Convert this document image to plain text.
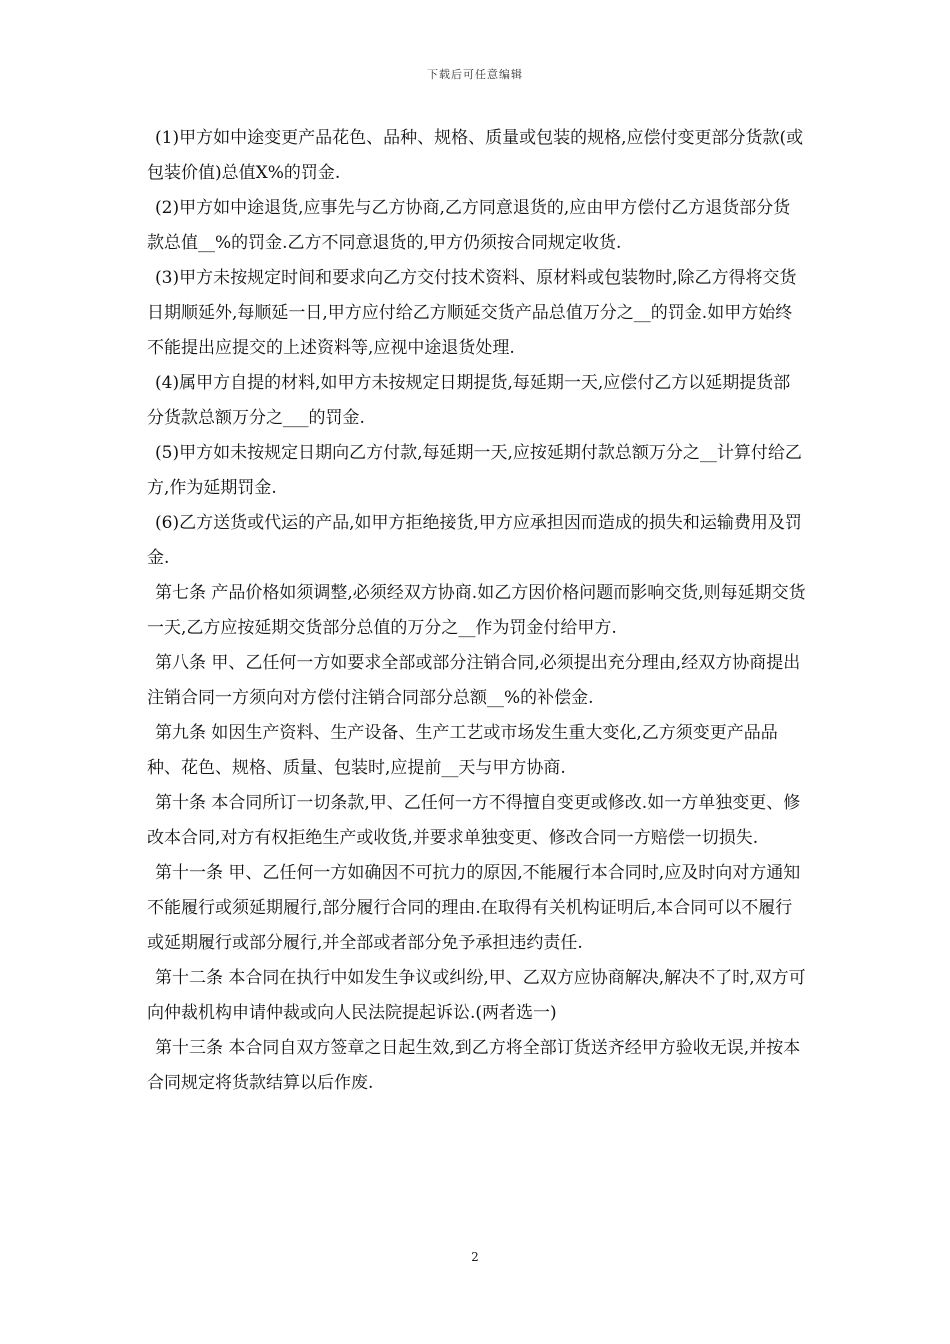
下载后可任意编辑

(1)甲方如中途变更产品花色、品种、规格、质量或包装的规格,应偿付变更部分货款(或包装价值)总值X%的罚金.

(2)甲方如中途退货,应事先与乙方协商,乙方同意退货的,应由甲方偿付乙方退货部分货款总值__%的罚金.乙方不同意退货的,甲方仍须按合同规定收货.

(3)甲方未按规定时间和要求向乙方交付技术资料、原材料或包装物时,除乙方得将交货日期顺延外,每顺延一日,甲方应付给乙方顺延交货产品总值万分之__的罚金.如甲方始终不能提出应提交的上述资料等,应视中途退货处理.

(4)属甲方自提的材料,如甲方未按规定日期提货,每延期一天,应偿付乙方以延期提货部分货款总额万分之___的罚金.

(5)甲方如未按规定日期向乙方付款,每延期一天,应按延期付款总额万分之__计算付给乙方,作为延期罚金.

(6)乙方送货或代运的产品,如甲方拒绝接货,甲方应承担因而造成的损失和运输费用及罚金.

第七条 产品价格如须调整,必须经双方协商.如乙方因价格问题而影响交货,则每延期交货一天,乙方应按延期交货部分总值的万分之__作为罚金付给甲方.

第八条 甲、乙任何一方如要求全部或部分注销合同,必须提出充分理由,经双方协商提出注销合同一方须向对方偿付注销合同部分总额__%的补偿金.

第九条 如因生产资料、生产设备、生产工艺或市场发生重大变化,乙方须变更产品品种、花色、规格、质量、包装时,应提前__天与甲方协商.

第十条 本合同所订一切条款,甲、乙任何一方不得擅自变更或修改.如一方单独变更、修改本合同,对方有权拒绝生产或收货,并要求单独变更、修改合同一方赔偿一切损失.

第十一条 甲、乙任何一方如确因不可抗力的原因,不能履行本合同时,应及时向对方通知不能履行或须延期履行,部分履行合同的理由.在取得有关机构证明后,本合同可以不履行或延期履行或部分履行,并全部或者部分免予承担违约责任.

第十二条 本合同在执行中如发生争议或纠纷,甲、乙双方应协商解决,解决不了时,双方可向仲裁机构申请仲裁或向人民法院提起诉讼.(两者选一)

第十三条 本合同自双方签章之日起生效,到乙方将全部订货送齐经甲方验收无误,并按本合同规定将货款结算以后作废.

2
